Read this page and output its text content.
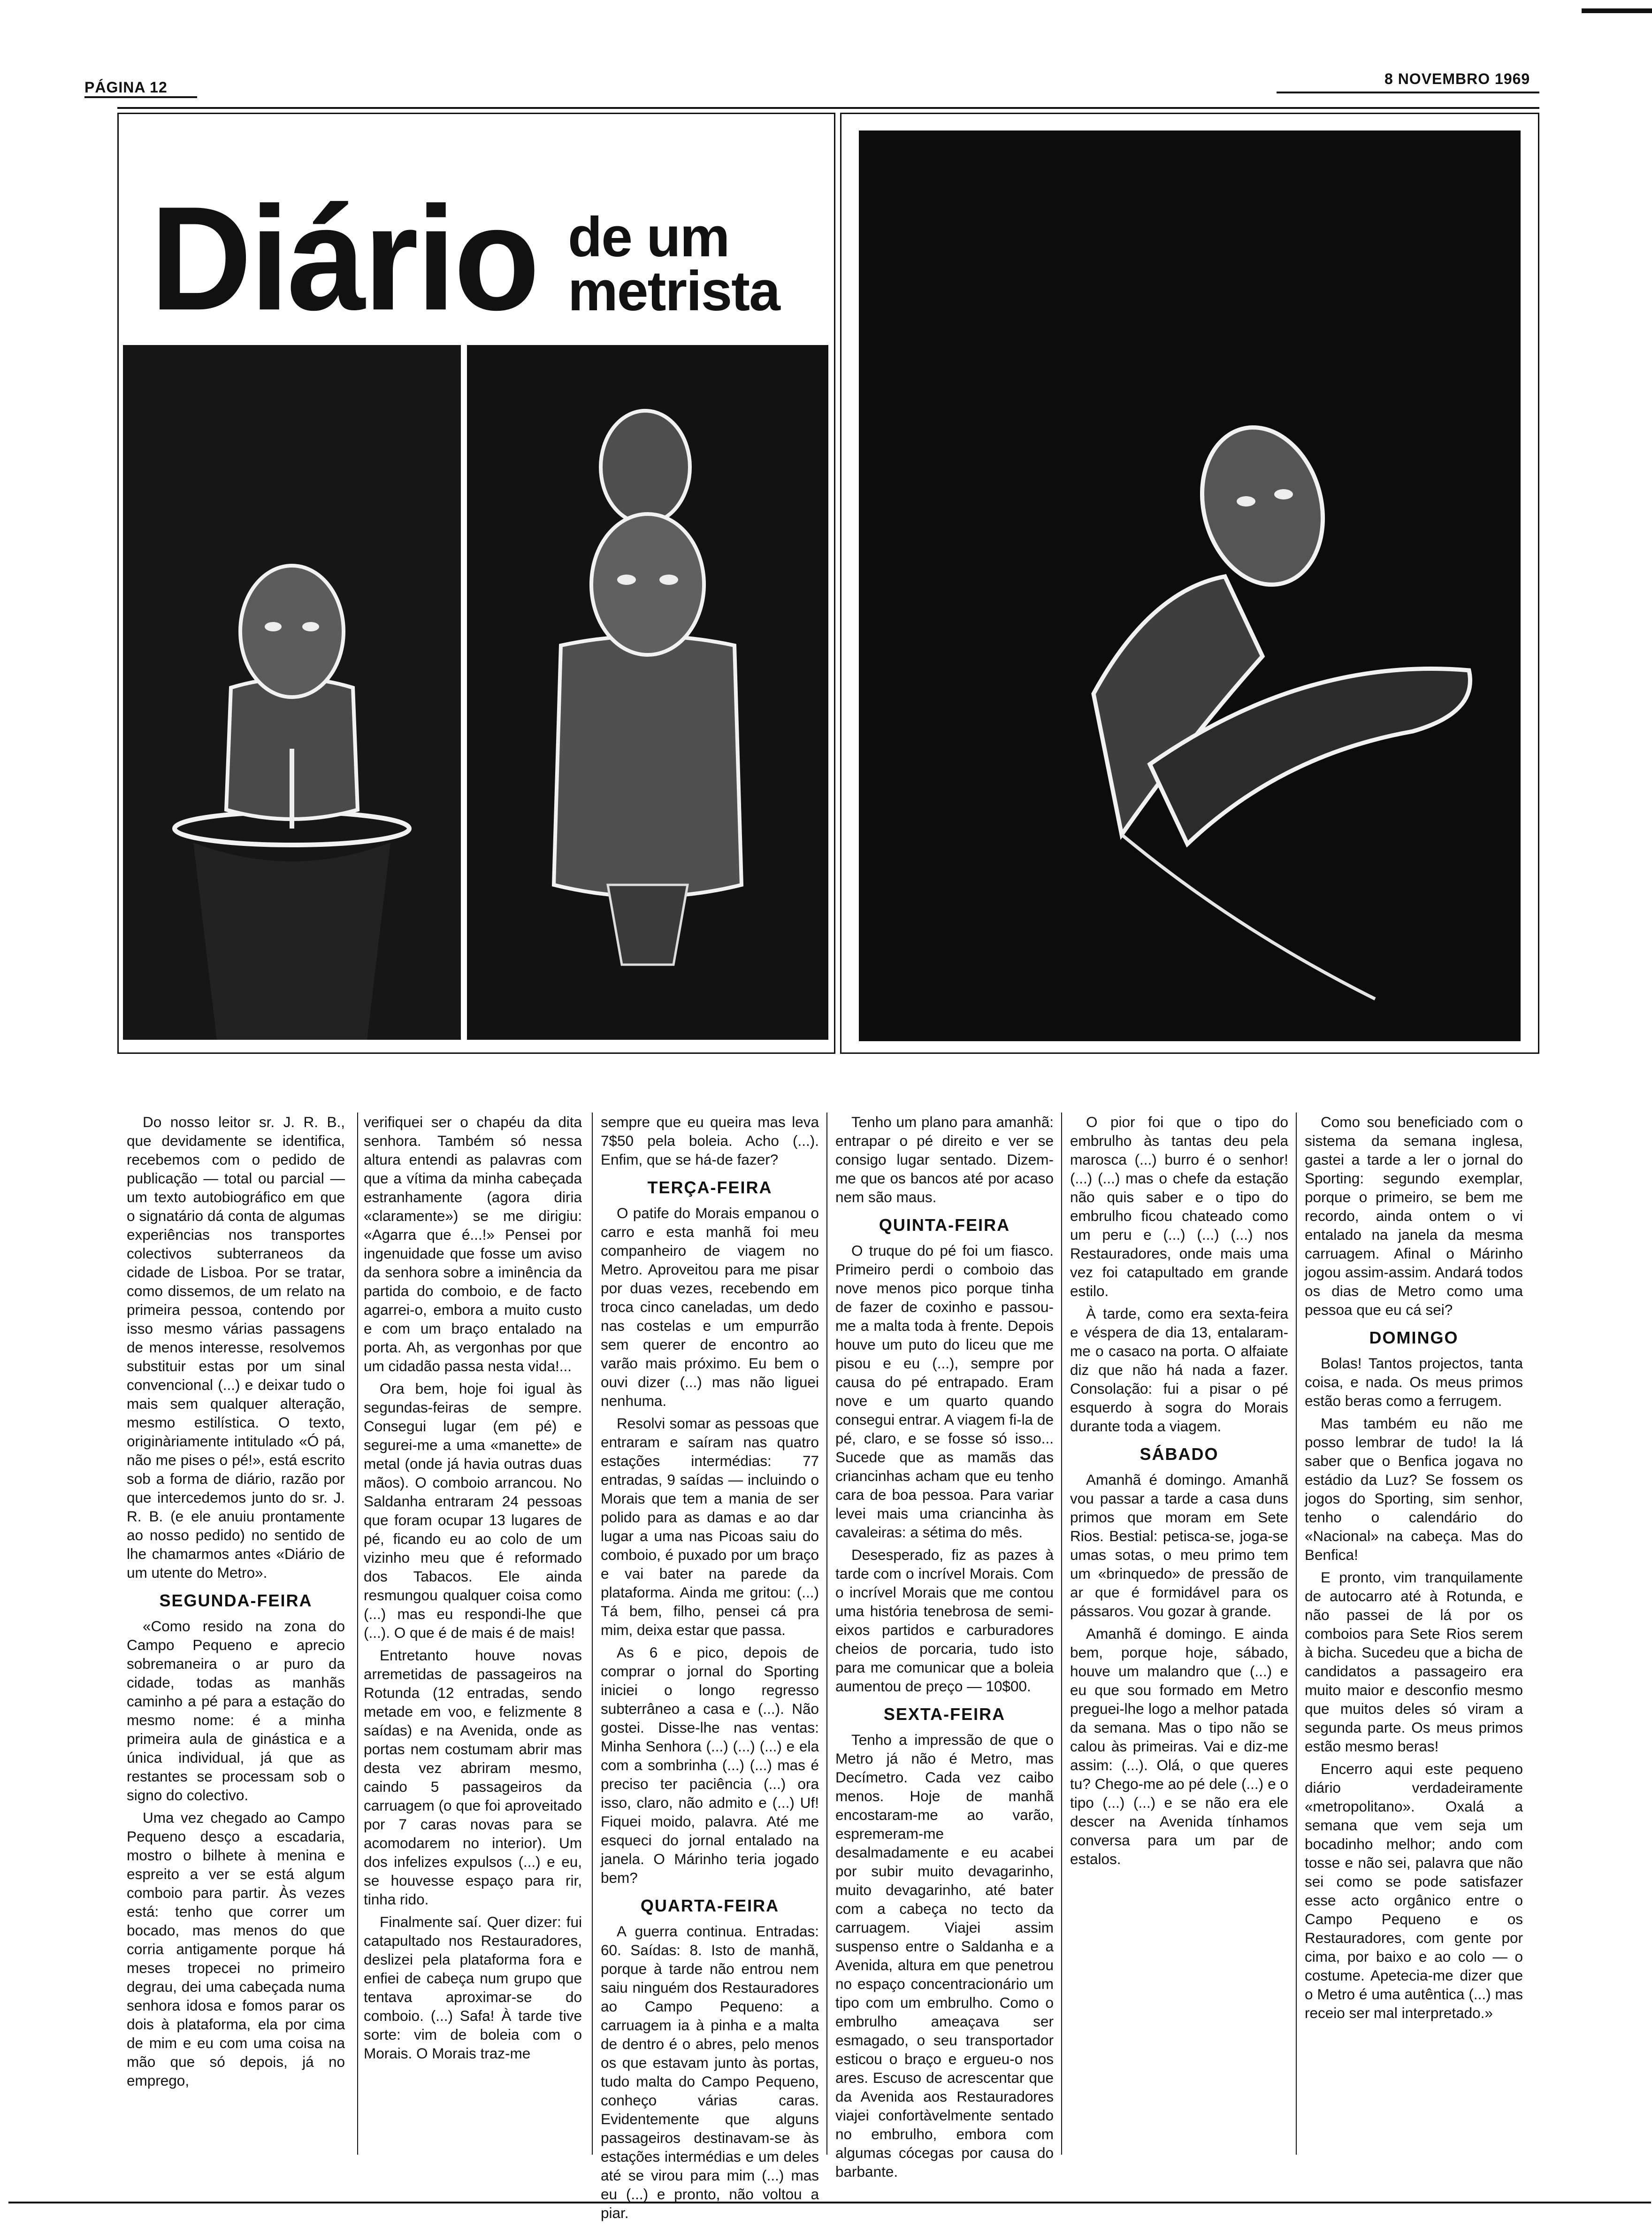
PÁGINA 12	8 NOVEMBRO 1969
Diário de um
metrista

Do nosso leitor sr. J. R. B., que devidamente se identifica, recebemos com o pedido de publicação — total ou parcial — um texto autobiográfico em que o signatário dá conta de algumas experiências nos transportes colectivos subterraneos da cidade de Lisboa. Por se tratar, como dissemos, de um relato na primeira pessoa, contendo por isso mesmo várias passagens de menos interesse, resolvemos substituir estas por um sinal convencional (...) e deixar tudo o mais sem qualquer alteração, mesmo estilística. O texto, originàriamente intitulado «Ó pá, não me pises o pé!», está escrito sob a forma de diário, razão por que intercedemos junto do sr. J. R. B. (e ele anuiu prontamente ao nosso pedido) no sentido de lhe chamarmos antes «Diário de um utente do Metro».

SEGUNDA-FEIRA

«Como resido na zona do Campo Pequeno e aprecio sobremaneira o ar puro da cidade, todas as manhãs caminho a pé para a estação do mesmo nome: é a minha primeira aula de ginástica e a única individual, já que as restantes se processam sob o signo do colectivo.

Uma vez chegado ao Campo Pequeno desço a escadaria, mostro o bilhete à menina e espreito a ver se está algum comboio para partir. Às vezes está: tenho que correr um bocado, mas menos do que corria antigamente porque há meses tropecei no primeiro degrau, dei uma cabeçada numa senhora idosa e fomos parar os dois à plataforma, ela por cima de mim e eu com uma coisa na mão que só depois, já no emprego,

verifiquei ser o chapéu da dita senhora. Também só nessa altura entendi as palavras com que a vítima da minha cabeçada estranhamente (agora diria «claramente») se me dirigiu: «Agarra que é...!» Pensei por ingenuidade que fosse um aviso da senhora sobre a iminência da partida do comboio, e de facto agarrei-o, embora a muito custo e com um braço entalado na porta. Ah, as vergonhas por que um cidadão passa nesta vida!...

Ora bem, hoje foi igual às segundas-feiras de sempre. Consegui lugar (em pé) e segurei-me a uma «manette» de metal (onde já havia outras duas mãos). O comboio arrancou. No Saldanha entraram 24 pessoas que foram ocupar 13 lugares de pé, ficando eu ao colo de um vizinho meu que é reformado dos Tabacos. Ele ainda resmungou qualquer coisa como (...) mas eu respondi-lhe que (...). O que é de mais é de mais!

Entretanto houve novas arremetidas de passageiros na Rotunda (12 entradas, sendo metade em voo, e felizmente 8 saídas) e na Avenida, onde as portas nem costumam abrir mas desta vez abriram mesmo, caindo 5 passageiros da carruagem (o que foi aproveitado por 7 caras novas para se acomodarem no interior). Um dos infelizes expulsos (...) e eu, se houvesse espaço para rir, tinha rido.

Finalmente saí. Quer dizer: fui catapultado nos Restauradores, deslizei pela plataforma fora e enfiei de cabeça num grupo que tentava aproximar-se do comboio. (...) Safa! À tarde tive sorte: vim de boleia com o Morais. O Morais traz-me

sempre que eu queira mas leva 7$50 pela boleia. Acho (...). Enfim, que se há-de fazer?

TERÇA-FEIRA

O patife do Morais empanou o carro e esta manhã foi meu companheiro de viagem no Metro. Aproveitou para me pisar por duas vezes, recebendo em troca cinco caneladas, um dedo nas costelas e um empurrão sem querer de encontro ao varão mais próximo. Eu bem o ouvi dizer (...) mas não liguei nenhuma.

Resolvi somar as pessoas que entraram e saíram nas quatro estações intermédias: 77 entradas, 9 saídas — incluindo o Morais que tem a mania de ser polido para as damas e ao dar lugar a uma nas Picoas saiu do comboio, é puxado por um braço e vai bater na parede da plataforma. Ainda me gritou: (...) Tá bem, filho, pensei cá pra mim, deixa estar que passa.

As 6 e pico, depois de comprar o jornal do Sporting iniciei o longo regresso subterrâneo a casa e (...). Não gostei. Disse-lhe nas ventas: Minha Senhora (...) (...) (...) e ela com a sombrinha (...) (...) mas é preciso ter paciência (...) ora isso, claro, não admito e (...) Uf! Fiquei moido, palavra. Até me esqueci do jornal entalado na janela. O Márinho teria jogado bem?

QUARTA-FEIRA

A guerra continua. Entradas: 60. Saídas: 8. Isto de manhã, porque à tarde não entrou nem saiu ninguém dos Restauradores ao Campo Pequeno: a carruagem ia à pinha e a malta de dentro é o abres, pelo menos os que estavam junto às portas, tudo malta do Campo Pequeno, conheço várias caras. Evidentemente que alguns passageiros destinavam-se às estações intermédias e um deles até se virou para mim (...) mas eu (...) e pronto, não voltou a piar.

Tenho um plano para amanhã: entrapar o pé direito e ver se consigo lugar sentado. Dizem-me que os bancos até por acaso nem são maus.

QUINTA-FEIRA

O truque do pé foi um fiasco. Primeiro perdi o comboio das nove menos pico porque tinha de fazer de coxinho e passou-me a malta toda à frente. Depois houve um puto do liceu que me pisou e eu (...), sempre por causa do pé entrapado. Eram nove e um quarto quando consegui entrar. A viagem fi-la de pé, claro, e se fosse só isso... Sucede que as mamãs das criancinhas acham que eu tenho cara de boa pessoa. Para variar levei mais uma criancinha às cavaleiras: a sétima do mês.

Desesperado, fiz as pazes à tarde com o incrível Morais. Com o incrível Morais que me contou uma história tenebrosa de semi-eixos partidos e carburadores cheios de porcaria, tudo isto para me comunicar que a boleia aumentou de preço — 10$00.

SEXTA-FEIRA

Tenho a impressão de que o Metro já não é Metro, mas Decímetro. Cada vez caibo menos. Hoje de manhã encostaram-me ao varão, espremeram-me desalmadamente e eu acabei por subir muito devagarinho, muito devagarinho, até bater com a cabeça no tecto da carruagem. Viajei assim suspenso entre o Saldanha e a Avenida, altura em que penetrou no espaço concentracionário um tipo com um embrulho. Como o embrulho ameaçava ser esmagado, o seu transportador esticou o braço e ergueu-o nos ares. Escuso de acrescentar que da Avenida aos Restauradores viajei confortàvelmente sentado no embrulho, embora com algumas cócegas por causa do barbante.

O pior foi que o tipo do embrulho às tantas deu pela marosca (...) burro é o senhor! (...) (...) mas o chefe da estação não quis saber e o tipo do embrulho ficou chateado como um peru e (...) (...) (...) nos Restauradores, onde mais uma vez foi catapultado em grande estilo.

À tarde, como era sexta-feira e véspera de dia 13, entalaram-me o casaco na porta. O alfaiate diz que não há nada a fazer. Consolação: fui a pisar o pé esquerdo à sogra do Morais durante toda a viagem.

SÁBADO

Amanhã é domingo. Amanhã vou passar a tarde a casa duns primos que moram em Sete Rios. Bestial: petisca-se, joga-se umas sotas, o meu primo tem um «brinquedo» de pressão de ar que é formidável para os pássaros. Vou gozar à grande.

Amanhã é domingo. E ainda bem, porque hoje, sábado, houve um malandro que (...) e eu que sou formado em Metro preguei-lhe logo a melhor patada da semana. Mas o tipo não se calou às primeiras. Vai e diz-me assim: (...). Olá, o que queres tu? Chego-me ao pé dele (...) e o tipo (...) (...) e se não era ele descer na Avenida tínhamos conversa para um par de estalos.

Como sou beneficiado com o sistema da semana inglesa, gastei a tarde a ler o jornal do Sporting: segundo exemplar, porque o primeiro, se bem me recordo, ainda ontem o vi entalado na janela da mesma carruagem. Afinal o Márinho jogou assim-assim. Andará todos os dias de Metro como uma pessoa que eu cá sei?

DOMINGO

Bolas! Tantos projectos, tanta coisa, e nada. Os meus primos estão beras como a ferrugem.

Mas também eu não me posso lembrar de tudo! Ia lá saber que o Benfica jogava no estádio da Luz? Se fossem os jogos do Sporting, sim senhor, tenho o calendário do «Nacional» na cabeça. Mas do Benfica!

E pronto, vim tranquilamente de autocarro até à Rotunda, e não passei de lá por os comboios para Sete Rios serem à bicha. Sucedeu que a bicha de candidatos a passageiro era muito maior e desconfio mesmo que muitos deles só viram a segunda parte. Os meus primos estão mesmo beras!

Encerro aqui este pequeno diário verdadeiramente «metropolitano». Oxalá a semana que vem seja um bocadinho melhor; ando com tosse e não sei, palavra que não sei como se pode satisfazer esse acto orgânico entre o Campo Pequeno e os Restauradores, com gente por cima, por baixo e ao colo — o costume. Apetecia-me dizer que o Metro é uma autêntica (...) mas receio ser mal interpretado.»
